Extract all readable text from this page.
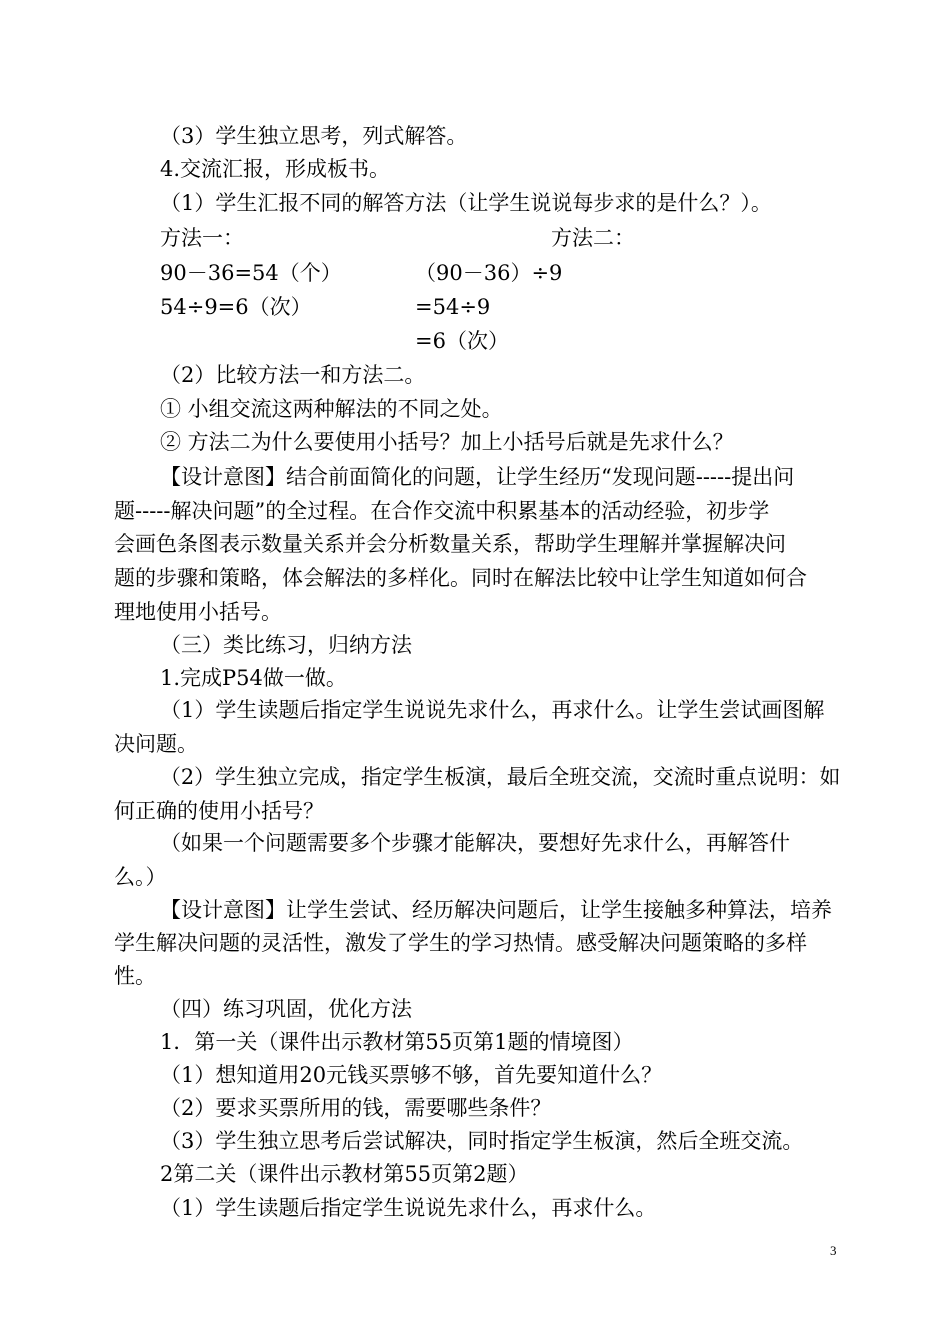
（3）学生独立思考，列式解答。
4.交流汇报，形成板书。
（1）学生汇报不同的解答方法（让学生说说每步求的是什么？）。
方法一：	方法二：
90－36=54（个）	（90－36）÷9
54÷9=6（次）	=54÷9
=6（次）
（2）比较方法一和方法二。
① 小组交流这两种解法的不同之处。
② 方法二为什么要使用小括号？加上小括号后就是先求什么？
【设计意图】结合前面简化的问题，让学生经历“发现问题-----提出问
题-----解决问题”的全过程。在合作交流中积累基本的活动经验，初步学
会画色条图表示数量关系并会分析数量关系，帮助学生理解并掌握解决问
题的步骤和策略，体会解法的多样化。同时在解法比较中让学生知道如何合
理地使用小括号。
（三）类比练习，归纳方法
1.完成P54做一做。
（1）学生读题后指定学生说说先求什么，再求什么。让学生尝试画图解
决问题。
（2）学生独立完成，指定学生板演，最后全班交流，交流时重点说明：如
何正确的使用小括号？
（如果一个问题需要多个步骤才能解决，要想好先求什么，再解答什
么。）
【设计意图】让学生尝试、经历解决问题后，让学生接触多种算法，培养
学生解决问题的灵活性，激发了学生的学习热情。感受解决问题策略的多样
性。
（四）练习巩固，优化方法
1．第一关（课件出示教材第55页第1题的情境图）
（1）想知道用20元钱买票够不够，首先要知道什么？
（2）要求买票所用的钱，需要哪些条件？
（3）学生独立思考后尝试解决，同时指定学生板演，然后全班交流。
2第二关（课件出示教材第55页第2题）
（1）学生读题后指定学生说说先求什么，再求什么。
3
